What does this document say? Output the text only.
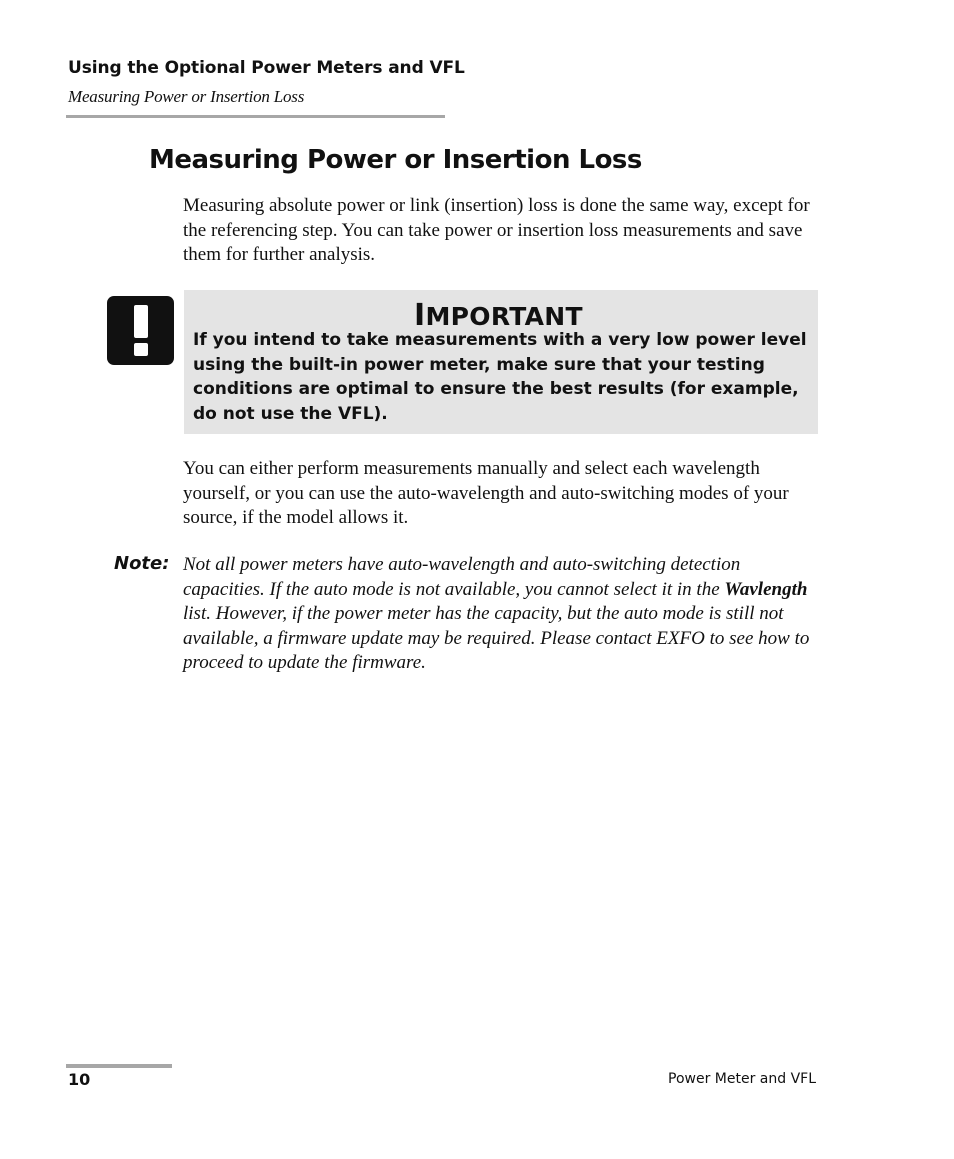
Using the Optional Power Meters and VFL
Measuring Power or Insertion Loss
Measuring Power or Insertion Loss
Measuring absolute power or link (insertion) loss is done the same way, except for the referencing step. You can take power or insertion loss measurements and save them for further analysis.
IMPORTANT
If you intend to take measurements with a very low power level using the built-in power meter, make sure that your testing conditions are optimal to ensure the best results (for example, do not use the VFL).
You can either perform measurements manually and select each wavelength yourself, or you can use the auto-wavelength and auto-switching modes of your source, if the model allows it.
Note: Not all power meters have auto-wavelength and auto-switching detection capacities. If the auto mode is not available, you cannot select it in the Wavlength list. However, if the power meter has the capacity, but the auto mode is still not available, a firmware update may be required. Please contact EXFO to see how to proceed to update the firmware.
10	Power Meter and VFL
